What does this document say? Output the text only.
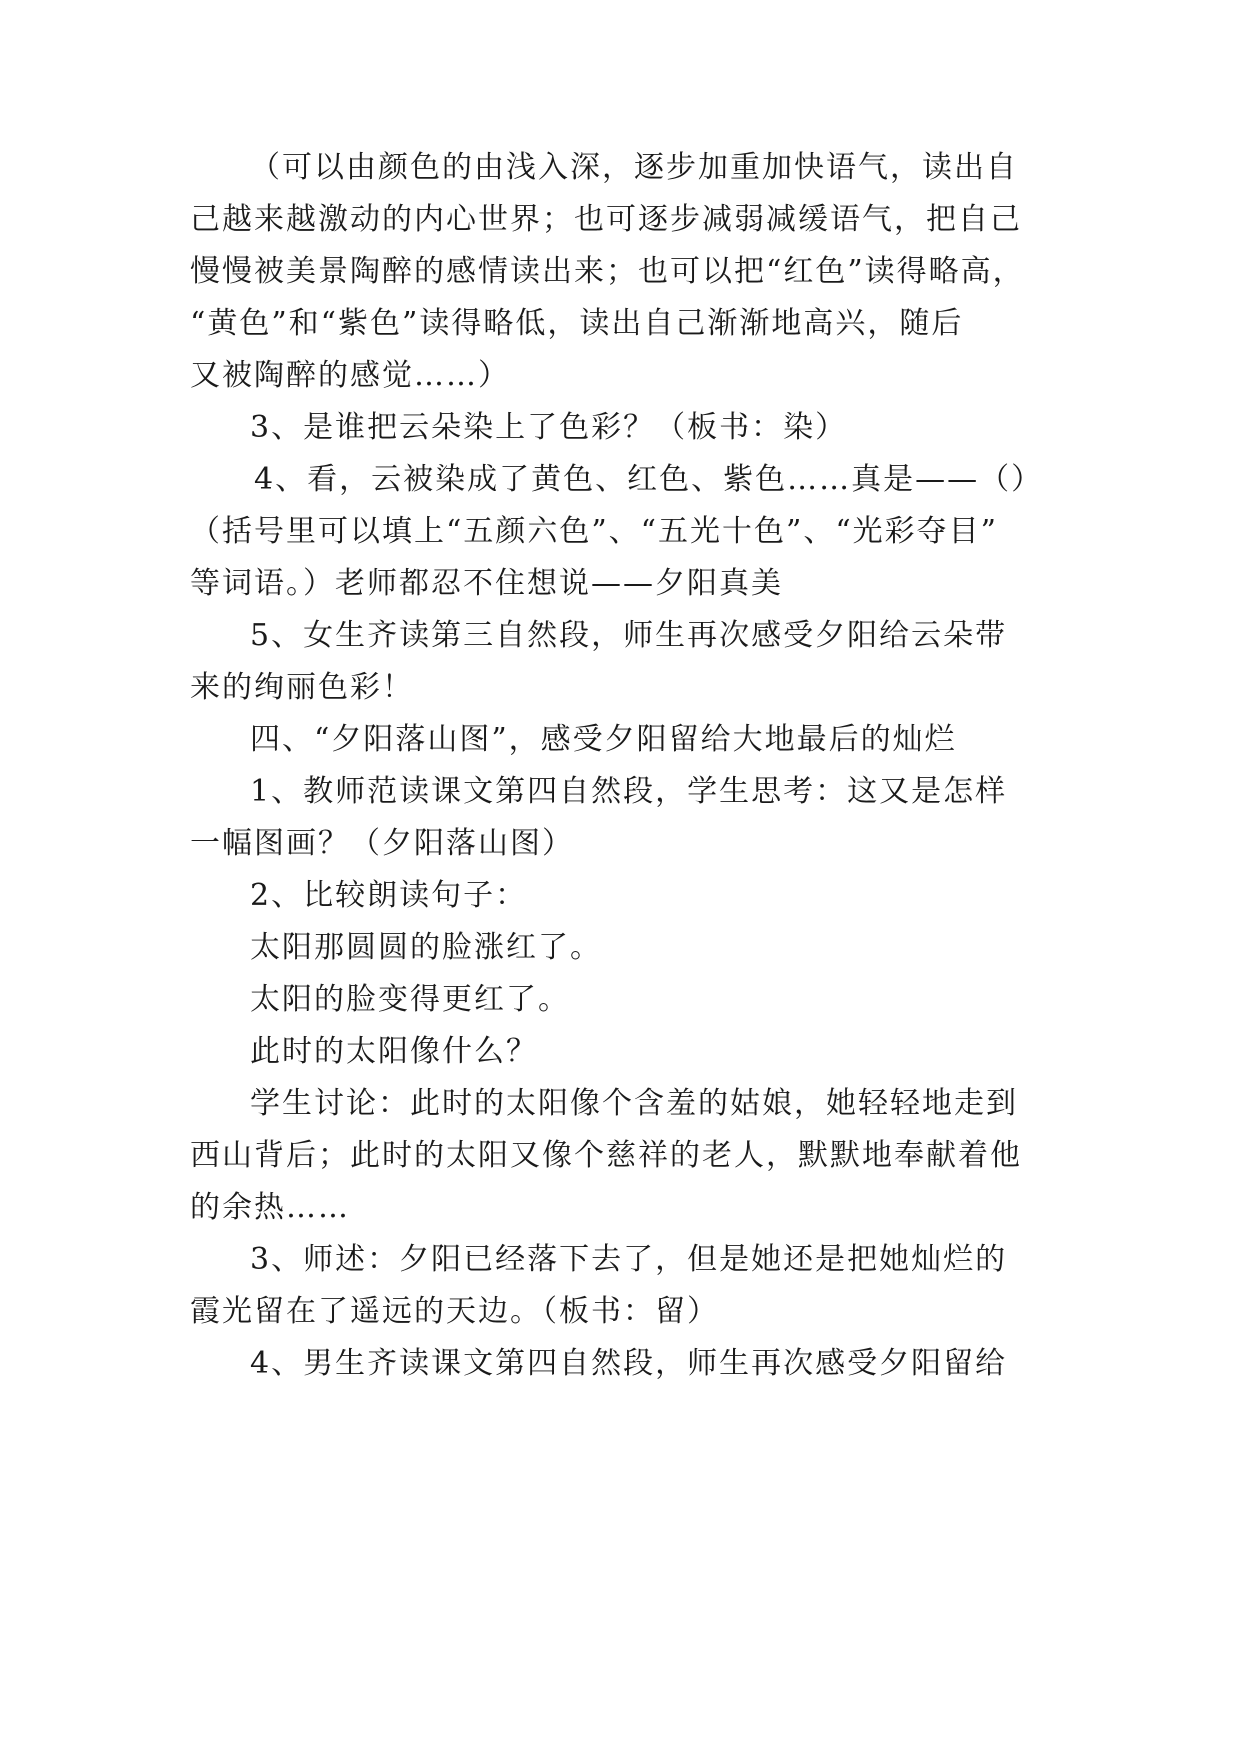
（可以由颜色的由浅入深，逐步加重加快语气，读出自
己越来越激动的内心世界；也可逐步减弱减缓语气，把自己
慢慢被美景陶醉的感情读出来；也可以把“红色”读得略高，
“黄色”和“紫色”读得略低，读出自己渐渐地高兴，随后
又被陶醉的感觉……）
3、是谁把云朵染上了色彩？（板书：染）
4、看，云被染成了黄色、红色、紫色……真是——（）
（括号里可以填上“五颜六色”、“五光十色”、“光彩夺目”
等词语。）老师都忍不住想说——夕阳真美
5、女生齐读第三自然段，师生再次感受夕阳给云朵带
来的绚丽色彩！
四、“夕阳落山图”，感受夕阳留给大地最后的灿烂
1、教师范读课文第四自然段，学生思考：这又是怎样
一幅图画？（夕阳落山图）
2、比较朗读句子：
太阳那圆圆的脸涨红了。
太阳的脸变得更红了。
此时的太阳像什么？
学生讨论：此时的太阳像个含羞的姑娘，她轻轻地走到
西山背后；此时的太阳又像个慈祥的老人，默默地奉献着他
的余热……
3、师述：夕阳已经落下去了，但是她还是把她灿烂的
霞光留在了遥远的天边。（板书：留）
4、男生齐读课文第四自然段，师生再次感受夕阳留给
